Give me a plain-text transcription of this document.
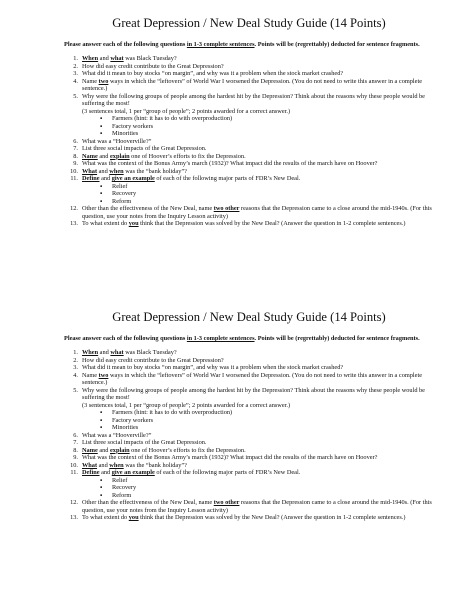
Great Depression / New Deal Study Guide (14 Points)
Please answer each of the following questions in 1-3 complete sentences. Points will be (regrettably) deducted for sentence fragments.
1. When and what was Black Tuesday?
2. How did easy credit contribute to the Great Depression?
3. What did it mean to buy stocks “on margin”, and why was it a problem when the stock market crashed?
4. Name two ways in which the “leftovers” of World War I worsened the Depression. (You do not need to write this answer in a complete sentence.)
5. Why were the following groups of people among the hardest hit by the Depression? Think about the reasons why these people would be suffering the most!
(3 sentences total, 1 per “group of people”; 2 points awarded for a correct answer.)
▪ Farmers (hint: it has to do with overproduction)
▪ Factory workers
▪ Minorities
6. What was a “Hooverville?”
7. List three social impacts of the Great Depression.
8. Name and explain one of Hoover’s efforts to fix the Depression.
9. What was the context of the Bonus Army’s march (1932)? What impact did the results of the march have on Hoover?
10. What and when was the “bank holiday”?
11. Define and give an example of each of the following major parts of FDR’s New Deal.
▪ Relief
▪ Recovery
▪ Reform
12. Other than the effectiveness of the New Deal, name two other reasons that the Depression came to a close around the mid-1940s. (For this question, use your notes from the Inquiry Lesson activity)
13. To what extent do you think that the Depression was solved by the New Deal? (Answer the question in 1-2 complete sentences.)
Great Depression / New Deal Study Guide (14 Points)
Please answer each of the following questions in 1-3 complete sentences. Points will be (regrettably) deducted for sentence fragments.
1. When and what was Black Tuesday?
2. How did easy credit contribute to the Great Depression?
3. What did it mean to buy stocks “on margin”, and why was it a problem when the stock market crashed?
4. Name two ways in which the “leftovers” of World War I worsened the Depression. (You do not need to write this answer in a complete sentence.)
5. Why were the following groups of people among the hardest hit by the Depression? Think about the reasons why these people would be suffering the most!
(3 sentences total, 1 per “group of people”; 2 points awarded for a correct answer.)
▪ Farmers (hint: it has to do with overproduction)
▪ Factory workers
▪ Minorities
6. What was a “Hooverville?”
7. List three social impacts of the Great Depression.
8. Name and explain one of Hoover’s efforts to fix the Depression.
9. What was the context of the Bonus Army’s march (1932)? What impact did the results of the march have on Hoover?
10. What and when was the “bank holiday”?
11. Define and give an example of each of the following major parts of FDR’s New Deal.
▪ Relief
▪ Recovery
▪ Reform
12. Other than the effectiveness of the New Deal, name two other reasons that the Depression came to a close around the mid-1940s. (For this question, use your notes from the Inquiry Lesson activity)
13. To what extent do you think that the Depression was solved by the New Deal? (Answer the question in 1-2 complete sentences.)
